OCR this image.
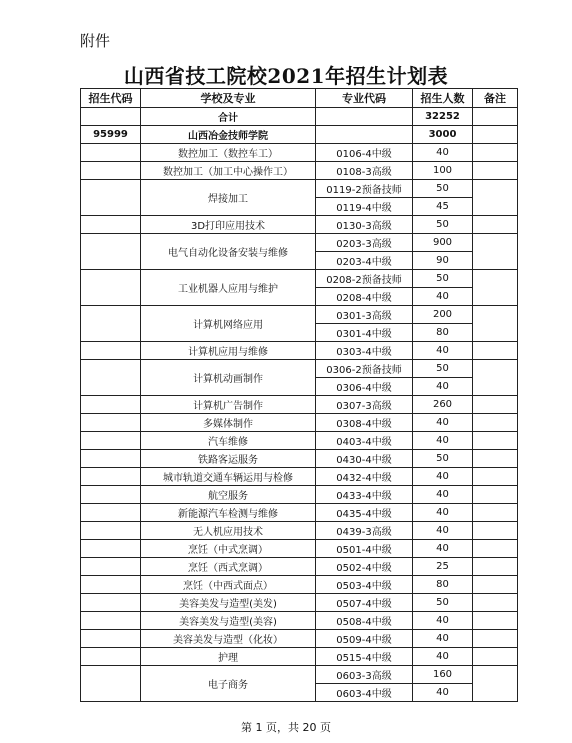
附件
山西省技工院校2021年招生计划表
招生代码	学校及专业	专业代码	招生人数	备注
	合计		32252	
95999	山西冶金技师学院		3000	
	数控加工（数控车工）	0106-4中级	40	
	数控加工（加工中心操作工）	0108-3高级	100	
	焊接加工	0119-2预备技师	50	
		0119-4中级	45	
	3D打印应用技术	0130-3高级	50	
	电气自动化设备安装与维修	0203-3高级	900	
		0203-4中级	90	
	工业机器人应用与维护	0208-2预备技师	50	
		0208-4中级	40	
	计算机网络应用	0301-3高级	200	
		0301-4中级	80	
	计算机应用与维修	0303-4中级	40	
	计算机动画制作	0306-2预备技师	50	
		0306-4中级	40	
	计算机广告制作	0307-3高级	260	
	多媒体制作	0308-4中级	40	
	汽车维修	0403-4中级	40	
	铁路客运服务	0430-4中级	50	
	城市轨道交通车辆运用与检修	0432-4中级	40	
	航空服务	0433-4中级	40	
	新能源汽车检测与维修	0435-4中级	40	
	无人机应用技术	0439-3高级	40	
	烹饪（中式烹调）	0501-4中级	40	
	烹饪（西式烹调）	0502-4中级	25	
	烹饪（中西式面点）	0503-4中级	80	
	美容美发与造型(美发)	0507-4中级	50	
	美容美发与造型(美容)	0508-4中级	40	
	美容美发与造型（化妆）	0509-4中级	40	
	护理	0515-4中级	40	
	电子商务	0603-3高级	160	
		0603-4中级	40	
第 1 页，共 20 页
